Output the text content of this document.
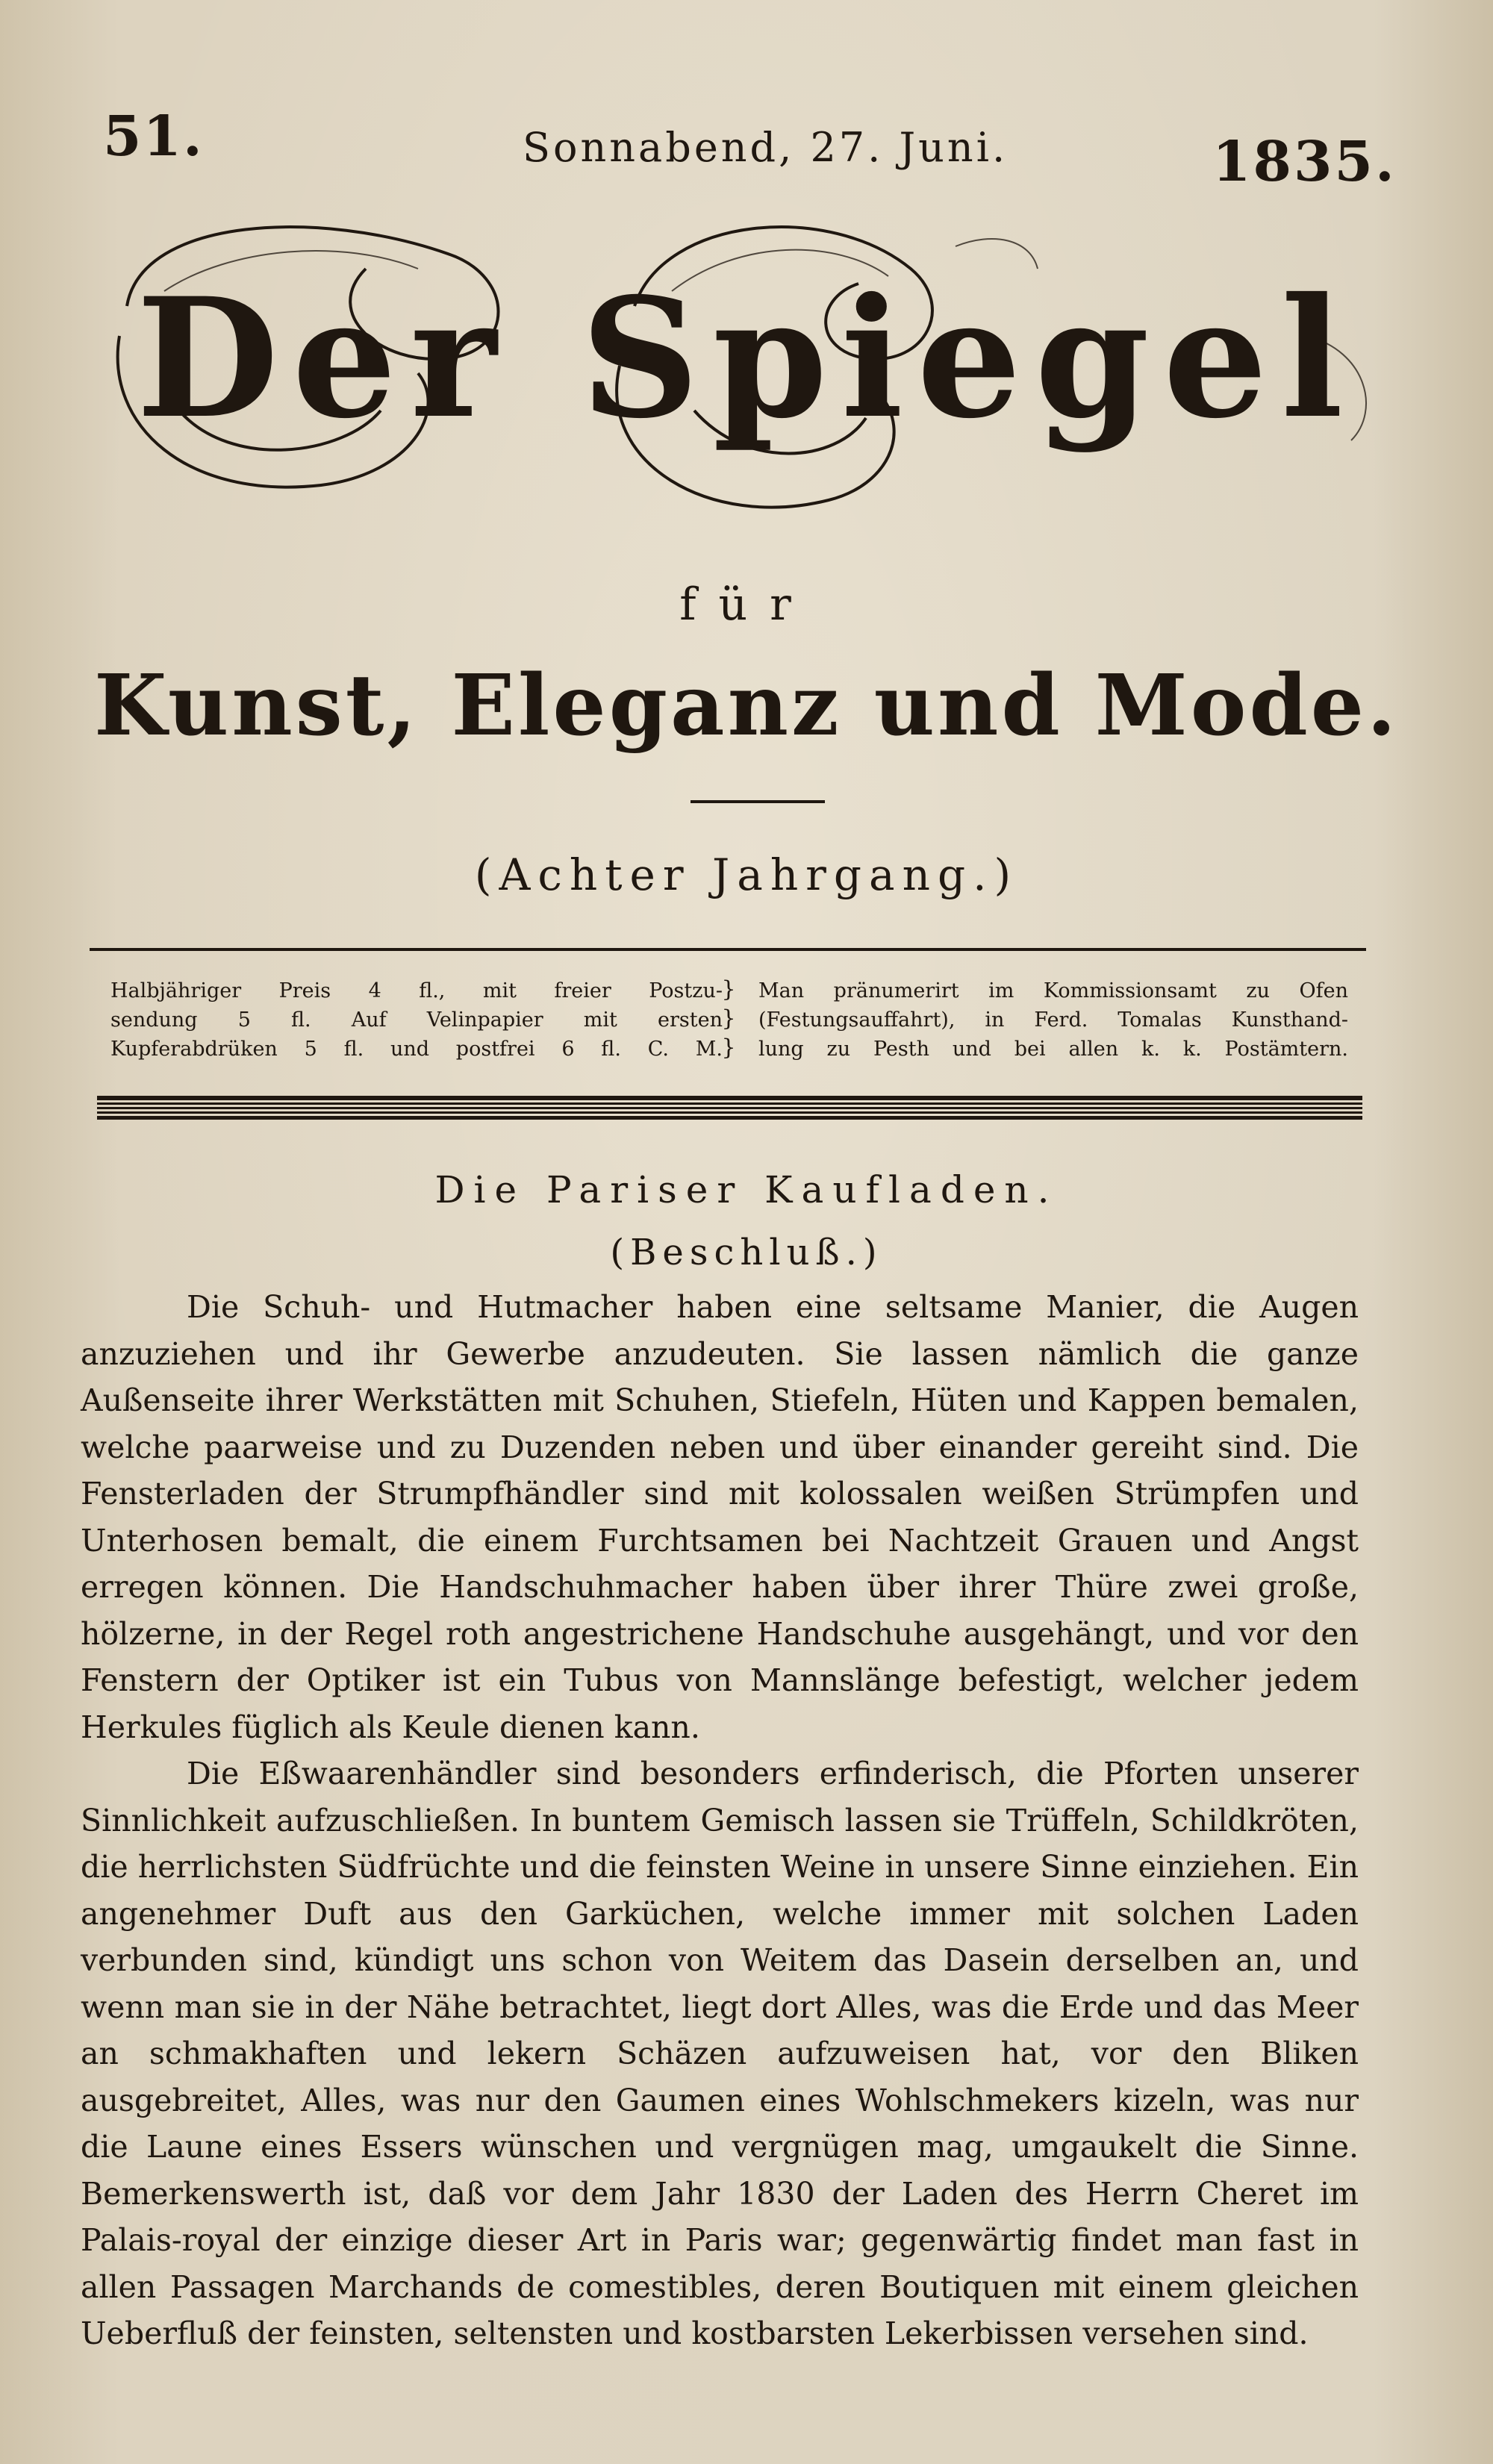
51.	Sonnabend, 27. Juni.	1835.
Der Spiegel
für
Kunst, Eleganz und Mode.
(Achter Jahrgang.)
Halbjähriger Preis 4 fl., mit freier Postzu-
sendung 5 fl. Auf Velinpapier mit ersten
Kupferabdrüken 5 fl. und postfrei 6 fl. C. M.
}
}
}
Man pränumerirt im Kommissionsamt zu Ofen
(Festungsauffahrt), in Ferd. Tomalas Kunsthand-
lung zu Pesth und bei allen k. k. Postämtern.
Die Pariser Kaufladen.
(Beschluß.)

Die Schuh- und Hutmacher haben eine seltsame Manier, die Augen anzuziehen und ihr Gewerbe anzudeuten. Sie lassen nämlich die ganze Außenseite ihrer Werkstätten mit Schuhen, Stiefeln, Hüten und Kappen bemalen, welche paarweise und zu Duzenden neben und über einander gereiht sind. Die Fensterladen der Strumpfhändler sind mit kolossalen weißen Strümpfen und Unterhosen bemalt, die einem Furchtsamen bei Nachtzeit Grauen und Angst erregen können. Die Handschuhmacher haben über ihrer Thüre zwei große, hölzerne, in der Regel roth angestrichene Handschuhe ausgehängt, und vor den Fenstern der Optiker ist ein Tubus von Mannslänge befestigt, welcher jedem Herkules füglich als Keule dienen kann.

Die Eßwaarenhändler sind besonders erfinderisch, die Pforten unserer Sinnlichkeit aufzuschließen. In buntem Gemisch lassen sie Trüffeln, Schildkröten, die herrlichsten Südfrüchte und die feinsten Weine in unsere Sinne einziehen. Ein angenehmer Duft aus den Garküchen, welche immer mit solchen Laden verbunden sind, kündigt uns schon von Weitem das Dasein derselben an, und wenn man sie in der Nähe betrachtet, liegt dort Alles, was die Erde und das Meer an schmakhaften und lekern Schäzen aufzuweisen hat, vor den Bliken ausgebreitet, Alles, was nur den Gaumen eines Wohlschmekers kizeln, was nur die Laune eines Essers wünschen und vergnügen mag, umgaukelt die Sinne. Bemerkenswerth ist, daß vor dem Jahr 1830 der Laden des Herrn Cheret im Palais-royal der einzige dieser Art in Paris war; gegenwärtig findet man fast in allen Passagen Marchands de comestibles, deren Boutiquen mit einem gleichen Ueberfluß der feinsten, seltensten und kostbarsten Lekerbissen versehen sind.
